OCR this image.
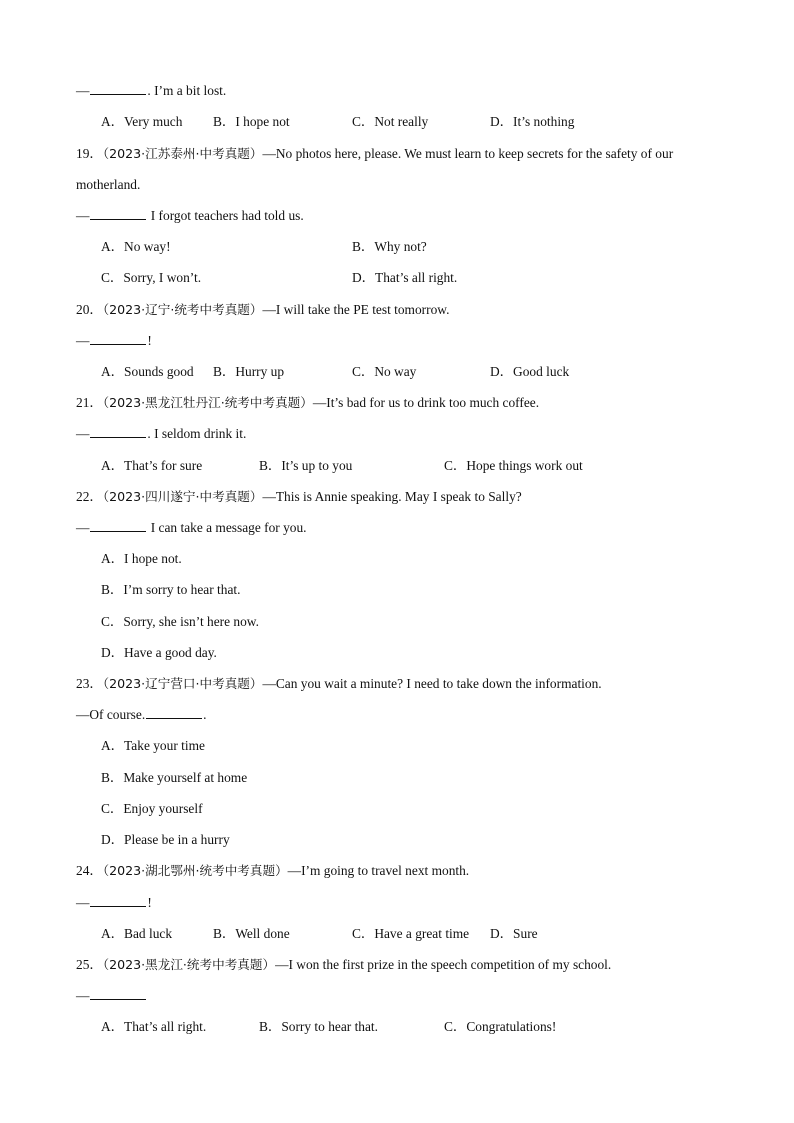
—	. I’m a bit lost.
A．Very much B．I hope not	C．Not really	D．It’s nothing
19．（2023·江苏泰州·中考真题）—No photos here, please. We must learn to keep secrets for the safety of our
motherland.
—	I forgot teachers had told us.
A．No way!	B．Why not?
C．Sorry, I won’t.	D．That’s all right.
20．（2023·辽宁·统考中考真题）—I will take the PE test tomorrow.
—	!
A．Sounds good B．Hurry up	C．No way	D．Good luck
21．（2023·黑龙江牡丹江·统考中考真题）—It’s bad for us to drink too much coffee.
—	. I seldom drink it.
A．That’s for sure	B．It’s up to you	C．Hope things work out
22．（2023·四川遂宁·中考真题）—This is Annie speaking. May I speak to Sally?
—	I can take a message for you.
A．I hope not.
B．I’m sorry to hear that.
C．Sorry, she isn’t here now.
D．Have a good day.
23．（2023·辽宁营口·中考真题）—Can you wait a minute? I need to take down the information.
—Of course.	.
A．Take your time
B．Make yourself at home
C．Enjoy yourself
D．Please be in a hurry
24．（2023·湖北鄂州·统考中考真题）—I’m going to travel next month.
—	!
A．Bad luck	B．Well done	C．Have a great time D．Sure
25．（2023·黑龙江·统考中考真题）—I won the first prize in the speech competition of my school.
—
A．That’s all right.	B．Sorry to hear that.	C．Congratulations!
